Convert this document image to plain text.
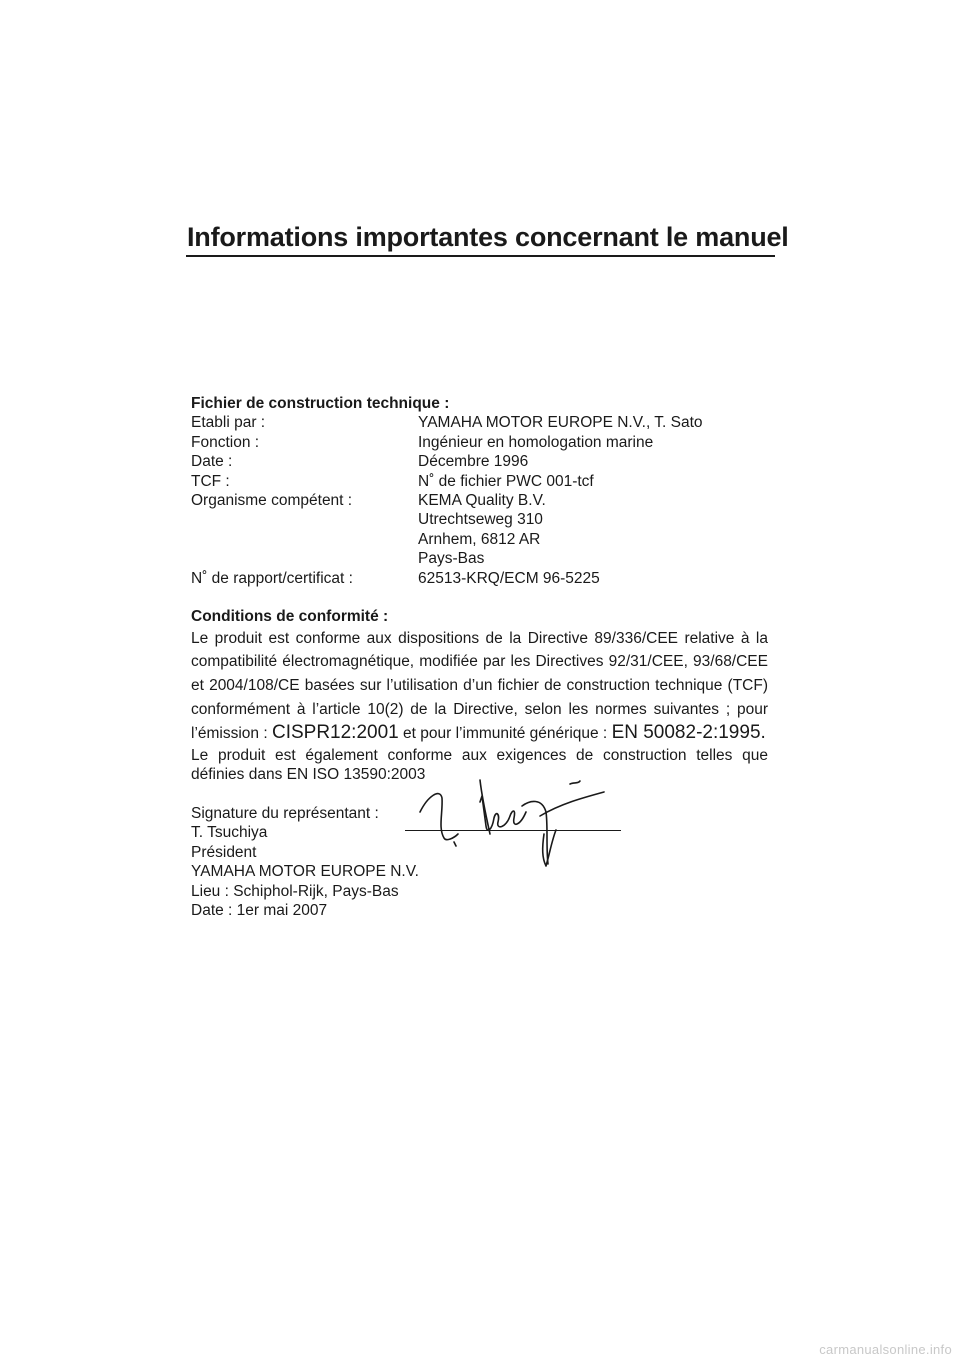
Informations importantes concernant le manuel

Fichier de construction technique :

Etabli par :	YAMAHA MOTOR EUROPE N.V., T. Sato
Fonction :	Ingénieur en homologation marine
Date :	Décembre 1996
TCF :	N˚ de fichier PWC 001-tcf
Organisme compétent :	KEMA Quality B.V.
	Utrechtseweg 310
	Arnhem, 6812 AR
	Pays-Bas
N˚ de rapport/certificat :	62513-KRQ/ECM 96-5225

Conditions de conformité :

Le produit est conforme aux dispositions de la Directive 89/336/CEE relative à la compatibilité électromagnétique, modifiée par les Directives 92/31/CEE, 93/68/CEE et 2004/108/CE basées sur l’utilisation d’un fichier de construction technique (TCF) conformément à l’article 10(2) de la Directive, selon les normes suivantes ; pour l’émission : CISPR12:2001 et pour l’immunité générique : EN 50082-2:1995.

Le produit est également conforme aux exigences de construction telles que définies dans EN ISO 13590:2003

Signature du représentant :
T. Tsuchiya
Président
YAMAHA MOTOR EUROPE N.V.
Lieu : Schiphol-Rijk, Pays-Bas
Date : 1er mai 2007
carmanualsonline.info
